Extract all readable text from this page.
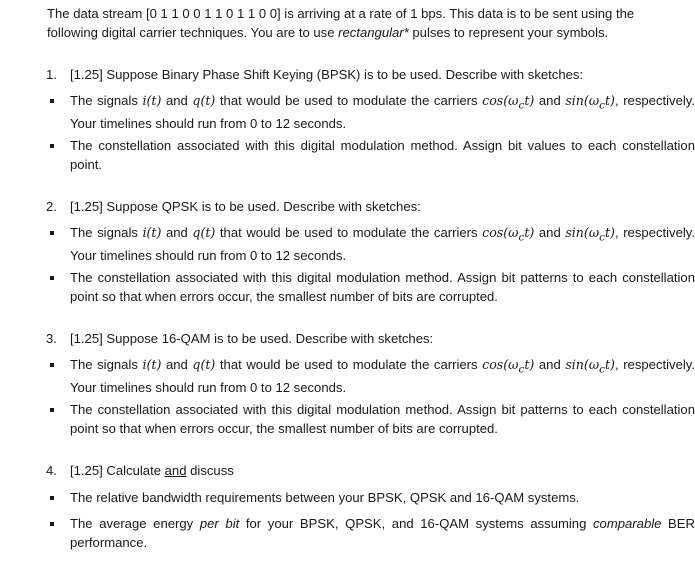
The data stream [0 1 1 0 0 1 1 0 1 1 0 0] is arriving at a rate of 1 bps. This data is to be sent using the following digital carrier techniques. You are to use rectangular* pulses to represent your symbols.
1. [1.25] Suppose Binary Phase Shift Keying (BPSK) is to be used. Describe with sketches:
The signals i(t) and q(t) that would be used to modulate the carriers $\cos(\omega_ct)$ and $\sin(\omega_ct)$, respectively. Your timelines should run from 0 to 12 seconds.
The constellation associated with this digital modulation method. Assign bit values to each constellation point.
2. [1.25] Suppose QPSK is to be used. Describe with sketches:
The signals i(t) and q(t) that would be used to modulate the carriers $\cos(\omega_ct)$ and $\sin(\omega_ct)$, respectively. Your timelines should run from 0 to 12 seconds.
The constellation associated with this digital modulation method. Assign bit patterns to each constellation point so that when errors occur, the smallest number of bits are corrupted.
3. [1.25] Suppose 16-QAM is to be used. Describe with sketches:
The signals i(t) and q(t) that would be used to modulate the carriers $\cos(\omega_ct)$ and $\sin(\omega_ct)$, respectively. Your timelines should run from 0 to 12 seconds.
The constellation associated with this digital modulation method. Assign bit patterns to each constellation point so that when errors occur, the smallest number of bits are corrupted.
4. [1.25] Calculate and discuss
The relative bandwidth requirements between your BPSK, QPSK and 16-QAM systems.
The average energy per bit for your BPSK, QPSK, and 16-QAM systems assuming comparable BER performance.
